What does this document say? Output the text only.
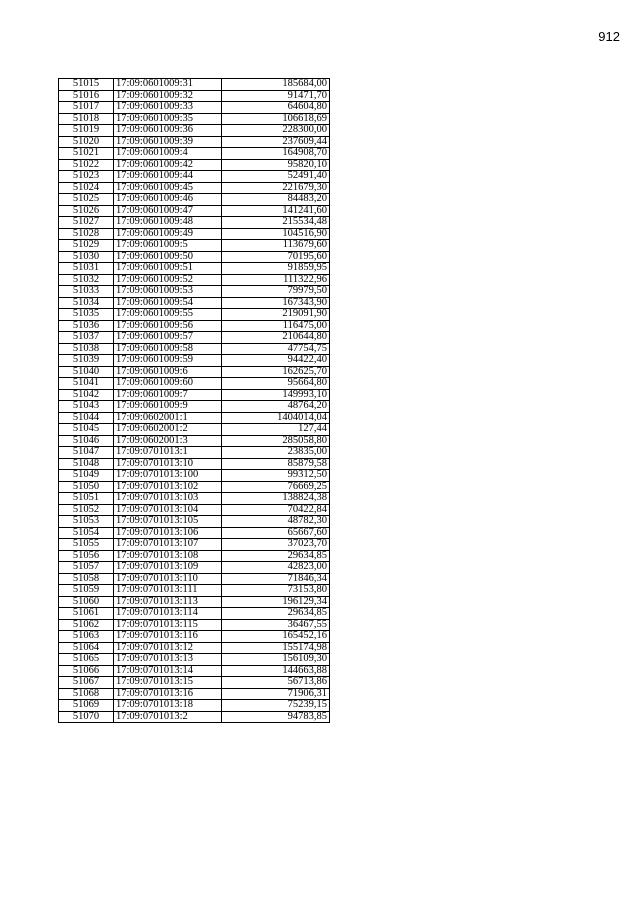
912
51015	17:09:0601009:31	185684,00
51016	17:09:0601009:32	91471,70
51017	17:09:0601009:33	64604,80
51018	17:09:0601009:35	106618,69
51019	17:09:0601009:36	228300,00
51020	17:09:0601009:39	237609,44
51021	17:09:0601009:4	164908,70
51022	17:09:0601009:42	95820,10
51023	17:09:0601009:44	52491,40
51024	17:09:0601009:45	221679,30
51025	17:09:0601009:46	84483,20
51026	17:09:0601009:47	141241,60
51027	17:09:0601009:48	215534,48
51028	17:09:0601009:49	104516,90
51029	17:09:0601009:5	113679,60
51030	17:09:0601009:50	70195,60
51031	17:09:0601009:51	91859,95
51032	17:09:0601009:52	111322,96
51033	17:09:0601009:53	79979,50
51034	17:09:0601009:54	167343,90
51035	17:09:0601009:55	219091,90
51036	17:09:0601009:56	116475,00
51037	17:09:0601009:57	210644,80
51038	17:09:0601009:58	47754,75
51039	17:09:0601009:59	94422,40
51040	17:09:0601009:6	162625,70
51041	17:09:0601009:60	95664,80
51042	17:09:0601009:7	149993,10
51043	17:09:0601009:9	48764,20
51044	17:09:0602001:1	1404014,04
51045	17:09:0602001:2	127,44
51046	17:09:0602001:3	285058,80
51047	17:09:0701013:1	23835,00
51048	17:09:0701013:10	85879,58
51049	17:09:0701013:100	99312,50
51050	17:09:0701013:102	76669,25
51051	17:09:0701013:103	138824,38
51052	17:09:0701013:104	70422,84
51053	17:09:0701013:105	48782,30
51054	17:09:0701013:106	65667,60
51055	17:09:0701013:107	37023,70
51056	17:09:0701013:108	29634,85
51057	17:09:0701013:109	42823,00
51058	17:09:0701013:110	71846,34
51059	17:09:0701013:111	73153,80
51060	17:09:0701013:113	196129,34
51061	17:09:0701013:114	29634,85
51062	17:09:0701013:115	36467,55
51063	17:09:0701013:116	165452,16
51064	17:09:0701013:12	155174,98
51065	17:09:0701013:13	156109,30
51066	17:09:0701013:14	144663,88
51067	17:09:0701013:15	56713,86
51068	17:09:0701013:16	71906,31
51069	17:09:0701013:18	75239,15
51070	17:09:0701013:2	94783,85
